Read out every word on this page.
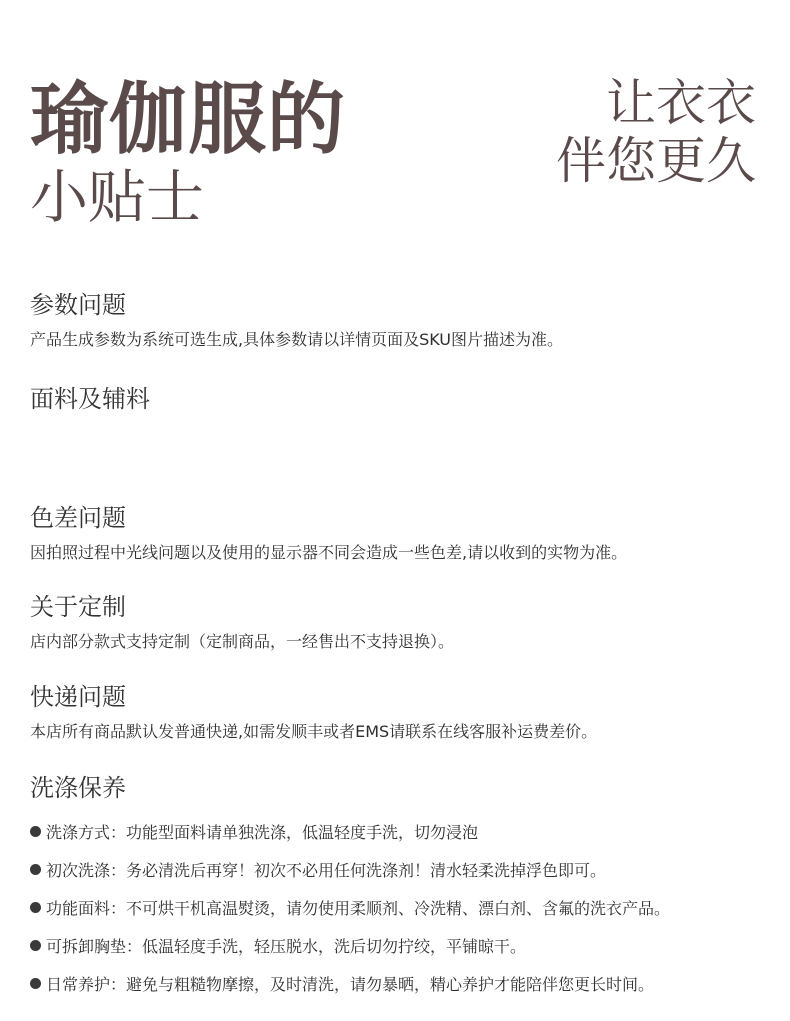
瑜伽服的
小贴士
让衣衣
伴您更久
参数问题
产品生成参数为系统可选生成,具体参数请以详情页面及SKU图片描述为准。
面料及辅料
色差问题
因拍照过程中光线问题以及使用的显示器不同会造成一些色差,请以收到的实物为准。
关于定制
店内部分款式支持定制（定制商品，一经售出不支持退换）。
快递问题
本店所有商品默认发普通快递,如需发顺丰或者EMS请联系在线客服补运费差价。
洗涤保养
洗涤方式：功能型面料请单独洗涤，低温轻度手洗，切勿浸泡
初次洗涤：务必清洗后再穿！初次不必用任何洗涤剂！清水轻柔洗掉浮色即可。
功能面料：不可烘干机高温熨烫，请勿使用柔顺剂、冷洗精、漂白剂、含氟的洗衣产品。
可拆卸胸垫：低温轻度手洗，轻压脱水，洗后切勿拧绞，平铺晾干。
日常养护：避免与粗糙物摩擦，及时清洗，请勿暴晒，精心养护才能陪伴您更长时间。
